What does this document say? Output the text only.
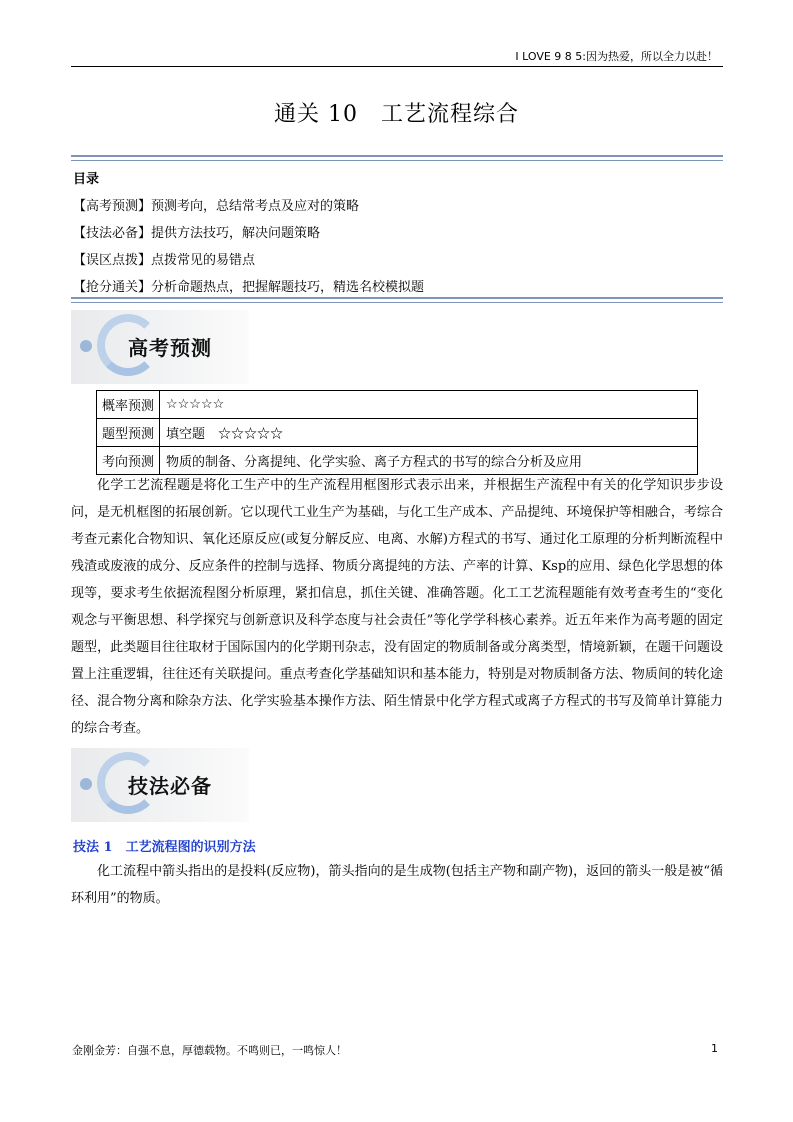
I LOVE 9 8 5:因为热爱，所以全力以赴！
通关 10　 工艺流程综合
目录
【高考预测】预测考向，总结常考点及应对的策略
【技法必备】提供方法技巧，解决问题策略
【误区点拨】点拨常见的易错点
【抢分通关】分析命题热点，把握解题技巧，精选名校模拟题
高考预测
概率预测	☆☆☆☆☆
题型预测	填空题　☆☆☆☆☆
考向预测	物质的制备、分离提纯、化学实验、离子方程式的书写的综合分析及应用

化学工艺流程题是将化工生产中的生产流程用框图形式表示出来，并根据生产流程中有关的化学知识步步设问，是无机框图的拓展创新。它以现代工业生产为基础，与化工生产成本、产品提纯、环境保护等相融合，考综合考查元素化合物知识、氧化还原反应(或复分解反应、电离、水解)方程式的书写、通过化工原理的分析判断流程中残渣或废液的成分、反应条件的控制与选择、物质分离提纯的方法、产率的计算、Ksp的应用、绿色化学思想的体现等，要求考生依据流程图分析原理，紧扣信息，抓住关键、准确答题。化工工艺流程题能有效考查考生的“变化观念与平衡思想、科学探究与创新意识及科学态度与社会责任”等化学学科核心素养。近五年来作为高考题的固定题型，此类题目往往取材于国际国内的化学期刊杂志，没有固定的物质制备或分离类型，情境新颖，在题干问题设置上注重逻辑，往往还有关联提问。重点考查化学基础知识和基本能力，特别是对物质制备方法、物质间的转化途径、混合物分离和除杂方法、化学实验基本操作方法、陌生情景中化学方程式或离子方程式的书写及简单计算能力的综合考查。

技法必备
技法 1　工艺流程图的识别方法

化工流程中箭头指出的是投料(反应物)，箭头指向的是生成物(包括主产物和副产物)，返回的箭头一般是被“循环利用”的物质。

金刚金芳：自强不息，厚德载物。不鸣则已，一鸣惊人！	1
